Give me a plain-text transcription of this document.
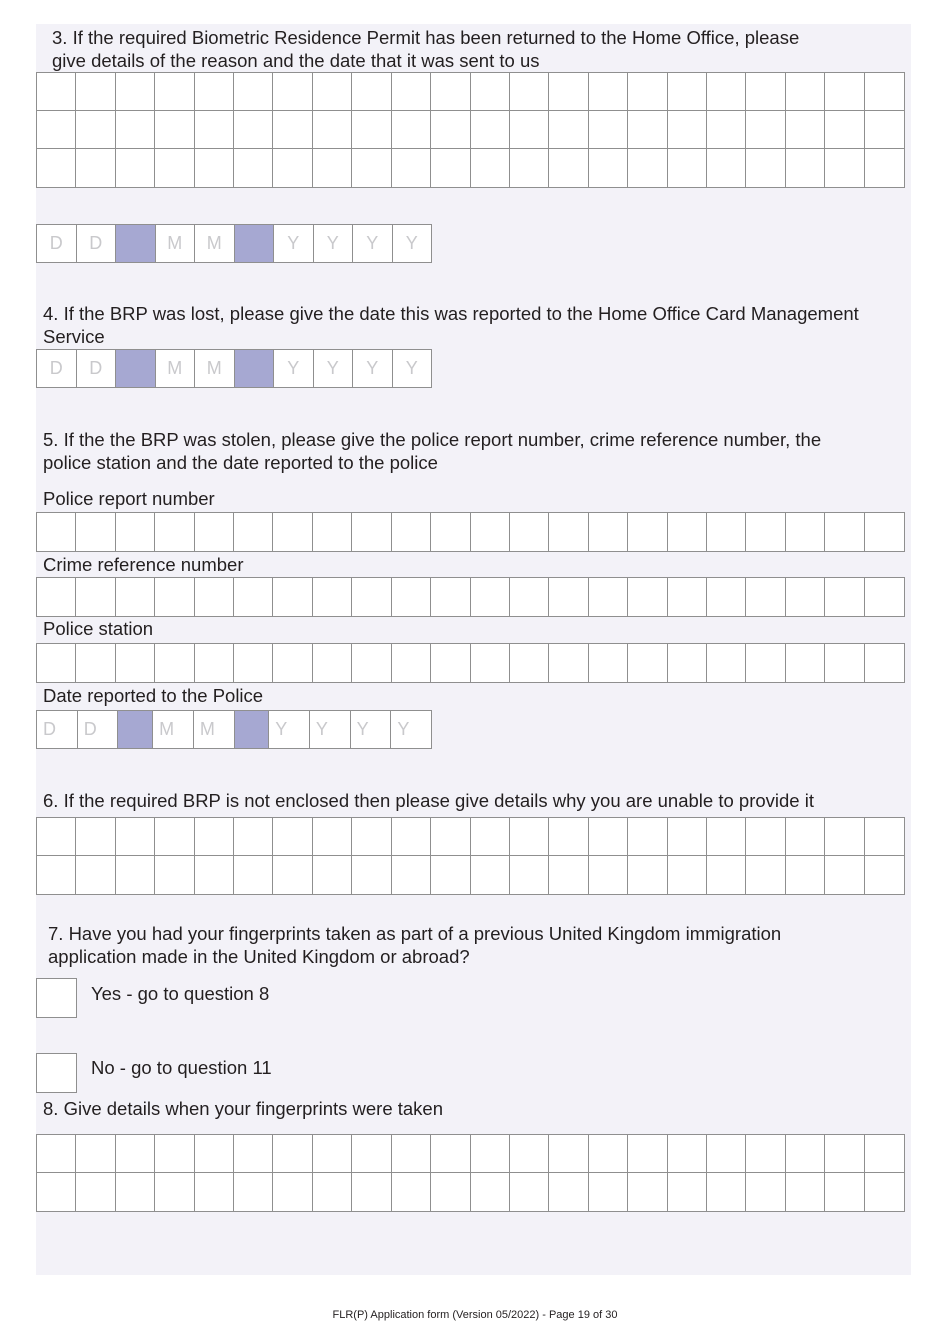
3. If the required Biometric Residence Permit has been returned to the Home Office, please
give details of the reason and the date that it was sent to us
D	D	M	M	Y	Y	Y	Y
4. If the BRP was lost, please give the date this was reported to the Home Office Card Management
Service
D	D	M	M	Y	Y	Y	Y
5. If the the BRP was stolen, please give the police report number, crime reference number, the
police station and the date reported to the police
Police report number
Crime reference number
Police station
Date reported to the Police
D	D	M	M	Y	Y	Y	Y
6. If the required BRP is not enclosed then please give details why you are unable to provide it
7. Have you had your fingerprints taken as part of a previous United Kingdom immigration
application made in the United Kingdom or abroad?
Yes - go to question 8
No - go to question 11
8. Give details when your fingerprints were taken
FLR(P) Application form (Version 05/2022) - Page 19 of 30
